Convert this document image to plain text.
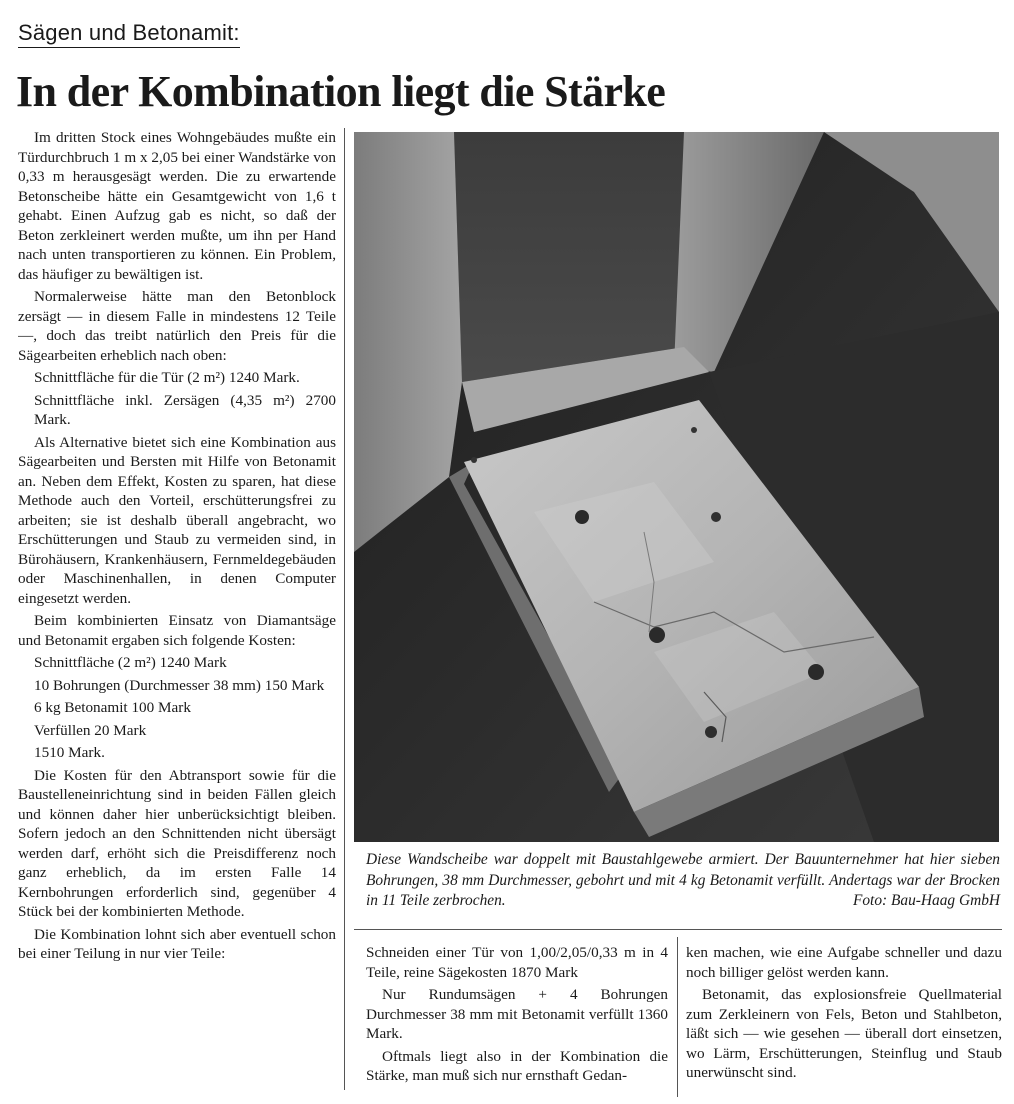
Sägen und Betonamit:
In der Kombination liegt die Stärke

Im dritten Stock eines Wohngebäudes mußte ein Türdurchbruch 1 m x 2,05 bei einer Wandstärke von 0,33 m herausgesägt werden. Die zu erwartende Betonscheibe hätte ein Gesamtgewicht von 1,6 t gehabt. Einen Aufzug gab es nicht, so daß der Beton zerkleinert werden mußte, um ihn per Hand nach unten transportieren zu können. Ein Problem, das häufiger zu bewältigen ist.

Normalerweise hätte man den Betonblock zersägt — in diesem Falle in mindestens 12 Teile —, doch das treibt natürlich den Preis für die Sägearbeiten erheblich nach oben:

Schnittfläche für die Tür (2 m²) 1240 Mark.

Schnittfläche inkl. Zersägen (4,35 m²) 2700 Mark.

Als Alternative bietet sich eine Kombination aus Sägearbeiten und Bersten mit Hilfe von Betonamit an. Neben dem Effekt, Kosten zu sparen, hat diese Methode auch den Vorteil, erschütterungsfrei zu arbeiten; sie ist deshalb überall angebracht, wo Erschütterungen und Staub zu vermeiden sind, in Bürohäusern, Krankenhäusern, Fernmeldegebäuden oder Maschinenhallen, in denen Computer eingesetzt werden.

Beim kombinierten Einsatz von Diamantsäge und Betonamit ergaben sich folgende Kosten:

Schnittfläche (2 m²) 1240 Mark

10 Bohrungen (Durchmesser 38 mm) 150 Mark

6 kg Betonamit 100 Mark

Verfüllen 20 Mark

1510 Mark.

Die Kosten für den Abtransport sowie für die Baustelleneinrichtung sind in beiden Fällen gleich und können daher hier unberücksichtigt bleiben. Sofern jedoch an den Schnittenden nicht übersägt werden darf, erhöht sich die Preisdifferenz noch ganz erheblich, da im ersten Falle 14 Kernbohrungen erforderlich sind, gegenüber 4 Stück bei der kombinierten Methode.

Die Kombination lohnt sich aber eventuell schon bei einer Teilung in nur vier Teile:

Diese Wandscheibe war doppelt mit Baustahlgewebe armiert. Der Bauunternehmer hat hier sieben Bohrungen, 38 mm Durchmesser, gebohrt und mit 4 kg Betonamit verfüllt. Andertags war der Brocken in 11 Teile zerbrochen.	Foto: Bau-Haag GmbH

Schneiden einer Tür von 1,00/2,05/0,33 m in 4 Teile, reine Sägekosten 1870 Mark

Nur Rundumsägen + 4 Bohrungen Durchmesser 38 mm mit Betonamit verfüllt 1360 Mark.

Oftmals liegt also in der Kombination die Stärke, man muß sich nur ernsthaft Gedan-

ken machen, wie eine Aufgabe schneller und dazu noch billiger gelöst werden kann.

Betonamit, das explosionsfreie Quellmaterial zum Zerkleinern von Fels, Beton und Stahlbeton, läßt sich — wie gesehen — überall dort einsetzen, wo Lärm, Erschütterungen, Steinflug und Staub unerwünscht sind.
